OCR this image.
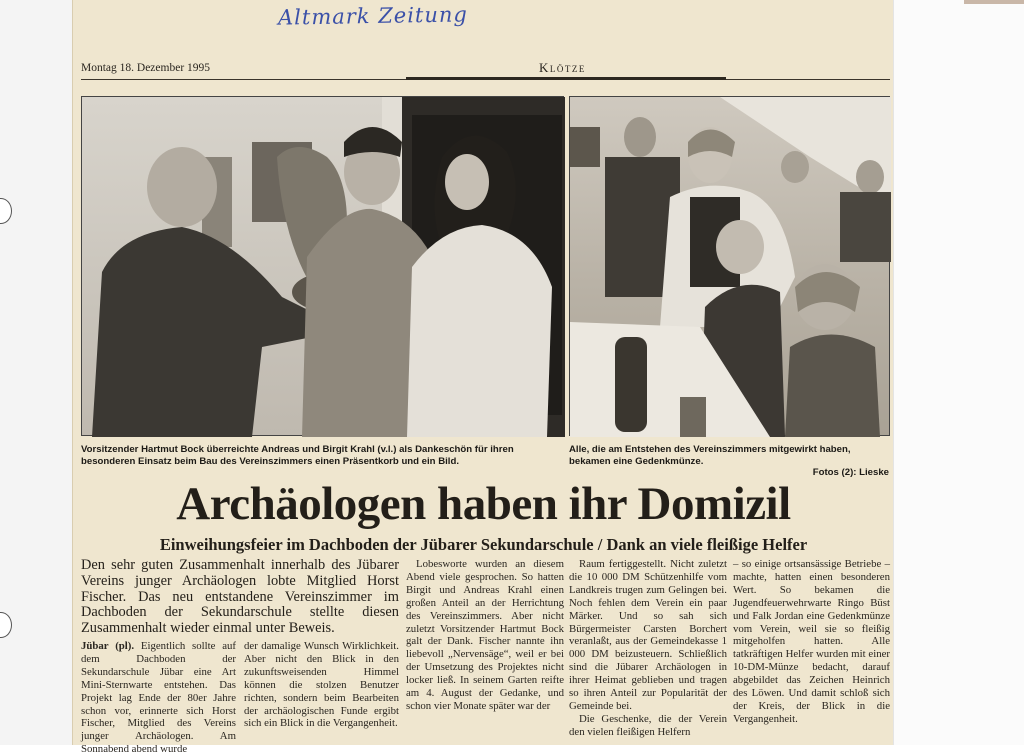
Altmark Zeitung
Montag 18. Dezember 1995	Klötze
Vorsitzender Hartmut Bock überreichte Andreas und Birgit Krahl (v.l.) als Dankeschön für ihren besonderen Einsatz beim Bau des Vereinszimmers einen Präsentkorb und ein Bild.
Alle, die am Entstehen des Vereinszimmers mitgewirkt haben, bekamen eine Gedenkmünze.
Fotos (2): Lieske
Archäologen haben ihr Domizil
Einweihungsfeier im Dachboden der Jübarer Sekundarschule / Dank an viele fleißige Helfer
Den sehr guten Zusammenhalt innerhalb des Jübarer Vereins junger Archäologen lobte Mitglied Horst Fischer. Das neu entstandene Vereinszimmer im Dachboden der Sekundarschule stellte diesen Zusammenhalt wieder einmal unter Beweis.
Jübar (pl). Eigentlich sollte auf dem Dachboden der Sekundarschule Jübar eine Art Mini-Sternwarte entstehen. Das Projekt lag Ende der 80er Jahre schon vor, erinnerte sich Horst Fischer, Mitglied des Vereins junger Archäologen. Am Sonnabend abend wurde
der damalige Wunsch Wirklichkeit. Aber nicht den Blick in den zukunftsweisenden Himmel können die stolzen Benutzer richten, sondern beim Bearbeiten der archäologischen Funde ergibt sich ein Blick in die Vergangenheit.

Lobesworte wurden an diesem Abend viele gesprochen. So hatten Birgit und Andreas Krahl einen großen Anteil an der Herrichtung des Vereinszimmers. Aber nicht zuletzt Vorsitzender Hartmut Bock galt der Dank. Fischer nannte ihn liebevoll „Nervensäge“, weil er bei der Umsetzung des Projektes nicht locker ließ. In seinem Garten reifte am 4. August der Gedanke, und schon vier Monate später war der

Raum fertiggestellt. Nicht zuletzt die 10 000 DM Schützenhilfe vom Landkreis trugen zum Gelingen bei. Noch fehlen dem Verein ein paar Märker. Und so sah sich Bürgermeister Carsten Borchert veranlaßt, aus der Gemeindekasse 1 000 DM beizusteuern. Schließlich sind die Jübarer Archäologen in ihrer Heimat geblieben und tragen so ihren Anteil zur Popularität der Gemeinde bei.

Die Geschenke, die der Verein den vielen fleißigen Helfern

– so einige ortsansässige Betriebe – machte, hatten einen besonderen Wert. So bekamen die Jugendfeuerwehrwarte Ringo Büst und Falk Jordan eine Gedenkmünze vom Verein, weil sie so fleißig mitgeholfen hatten. Alle tatkräftigen Helfer wurden mit einer 10-DM-Münze bedacht, darauf abgebildet das Zeichen Heinrich des Löwen. Und damit schloß sich der Kreis, der Blick in die Vergangenheit.
